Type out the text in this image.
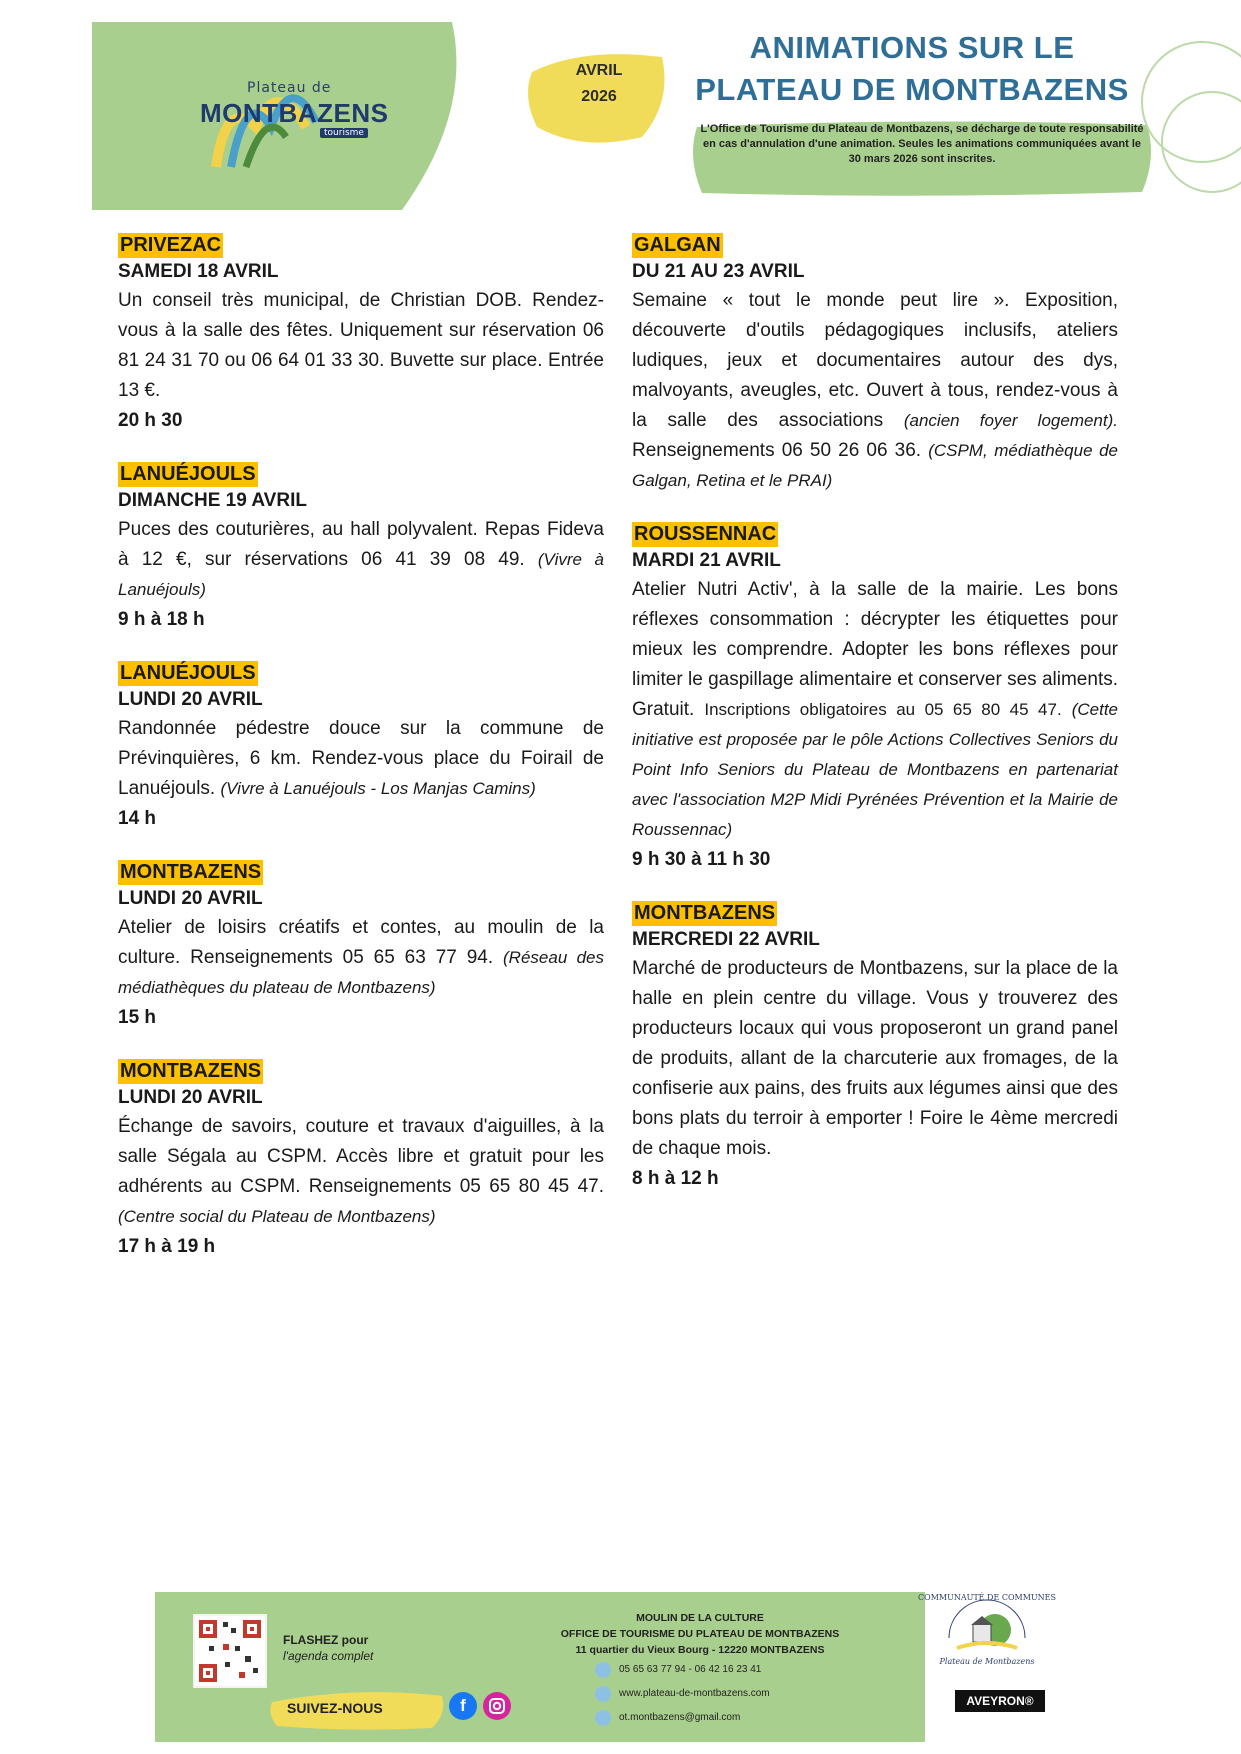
Plateau de
MONTBAZENS
tourisme
AVRIL
2026
ANIMATIONS SUR LE
PLATEAU DE MONTBAZENS
L'Office de Tourisme du Plateau de Montbazens, se décharge de toute responsabilité en cas d'annulation d'une animation. Seules les animations communiquées avant le 30 mars 2026 sont inscrites.
PRIVEZAC
SAMEDI 18 AVRIL
Un conseil très municipal, de Christian DOB. Rendez-vous à la salle des fêtes. Uniquement sur réservation 06 81 24 31 70 ou 06 64 01 33 30. Buvette sur place. Entrée 13 €.
20 h 30
LANUÉJOULS
DIMANCHE 19 AVRIL
Puces des couturières, au hall polyvalent. Repas Fideva à 12 €, sur réservations 06 41 39 08 49. (Vivre à Lanuéjouls)
9 h à 18 h
LANUÉJOULS
LUNDI 20 AVRIL
Randonnée pédestre douce sur la commune de Prévinquières, 6 km. Rendez-vous place du Foirail de Lanuéjouls. (Vivre à Lanuéjouls - Los Manjas Camins)
14 h
MONTBAZENS
LUNDI 20 AVRIL
Atelier de loisirs créatifs et contes, au moulin de la culture. Renseignements 05 65 63 77 94. (Réseau des médiathèques du plateau de Montbazens)
15 h
MONTBAZENS
LUNDI 20 AVRIL
Échange de savoirs, couture et travaux d'aiguilles, à la salle Ségala au CSPM. Accès libre et gratuit pour les adhérents au CSPM. Renseignements 05 65 80 45 47. (Centre social du Plateau de Montbazens)
17 h à 19 h
GALGAN
DU 21 AU 23 AVRIL
Semaine « tout le monde peut lire ». Exposition, découverte d'outils pédagogiques inclusifs, ateliers ludiques, jeux et documentaires autour des dys, malvoyants, aveugles, etc. Ouvert à tous, rendez-vous à la salle des associations (ancien foyer logement). Renseignements 06 50 26 06 36. (CSPM, médiathèque de Galgan, Retina et le PRAI)
ROUSSENNAC
MARDI 21 AVRIL
Atelier Nutri Activ', à la salle de la mairie. Les bons réflexes consommation : décrypter les étiquettes pour mieux les comprendre. Adopter les bons réflexes pour limiter le gaspillage alimentaire et conserver ses aliments. Gratuit. Inscriptions obligatoires au 05 65 80 45 47. (Cette initiative est proposée par le pôle Actions Collectives Seniors du Point Info Seniors du Plateau de Montbazens en partenariat avec l'association M2P Midi Pyrénées Prévention et la Mairie de Roussennac)
9 h 30 à 11 h 30
MONTBAZENS
MERCREDI 22 AVRIL
Marché de producteurs de Montbazens, sur la place de la halle en plein centre du village. Vous y trouverez des producteurs locaux qui vous proposeront un grand panel de produits, allant de la charcuterie aux fromages, de la confiserie aux pains, des fruits aux légumes ainsi que des bons plats du terroir à emporter ! Foire le 4ème mercredi de chaque mois.
8 h à 12 h
FLASHEZ pour
l'agenda complet
SUIVEZ-NOUS	f
MOULIN DE LA CULTURE
OFFICE DE TOURISME DU PLATEAU DE MONTBAZENS
11 quartier du Vieux Bourg - 12220 MONTBAZENS
05 65 63 77 94 - 06 42 16 23 41
www.plateau-de-montbazens.com
ot.montbazens@gmail.com
COMMUNAUTÉ DE COMMUNES
Plateau de Montbazens
AVEYRON®
